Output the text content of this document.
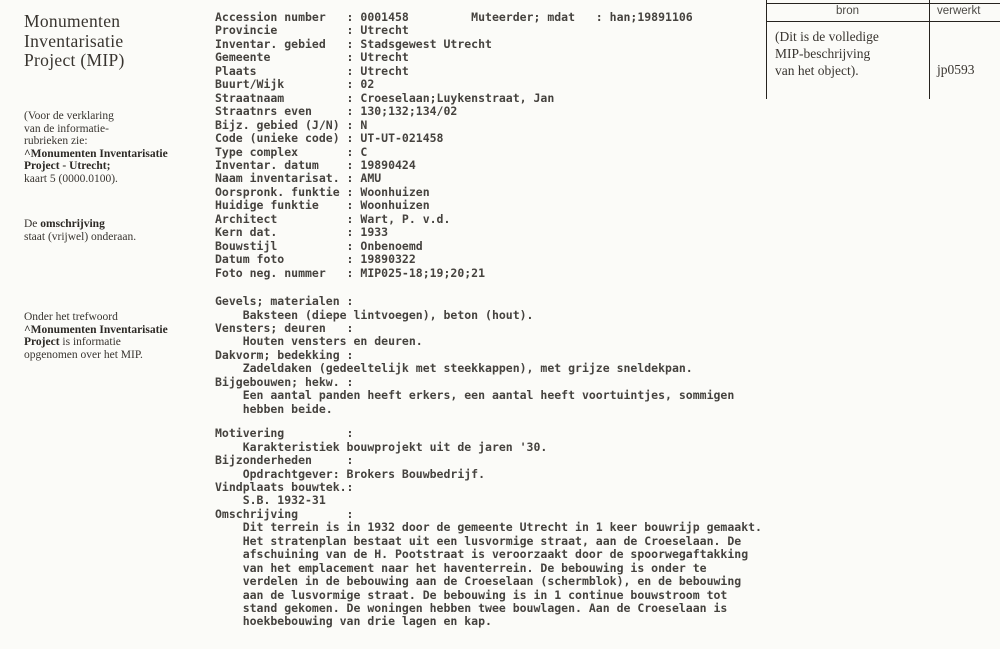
Monumenten
Inventarisatie
Project (MIP)
(Voor de verklaring
van de informatie-
rubrieken zie:
^Monumenten Inventarisatie
Project - Utrecht;
kaart 5 (0000.0100).
De omschrijving
staat (vrijwel) onderaan.
Onder het trefwoord
^Monumenten Inventarisatie
Project is informatie
opgenomen over het MIP.
Accession number   : 0001458         Muteerder; mdat   : han;19891106
Provincie          : Utrecht
Inventar. gebied   : Stadsgewest Utrecht
Gemeente           : Utrecht
Plaats             : Utrecht
Buurt/Wijk         : 02
Straatnaam         : Croeselaan;Luykenstraat, Jan
Straatnrs even     : 130;132;134/02
Bijz. gebied (J/N) : N
Code (unieke code) : UT-UT-021458
Type complex       : C
Inventar. datum    : 19890424
Naam inventarisat. : AMU
Oorspronk. funktie : Woonhuizen
Huidige funktie    : Woonhuizen
Architect          : Wart, P. v.d.
Kern dat.          : 1933
Bouwstijl          : Onbenoemd
Datum foto         : 19890322
Foto neg. nummer   : MIP025-18;19;20;21
Gevels; materialen :
Baksteen (diepe lintvoegen), beton (hout).
Vensters; deuren   :
Houten vensters en deuren.
Dakvorm; bedekking :
Zadeldaken (gedeeltelijk met steekkappen), met grijze sneldekpan.
Bijgebouwen; hekw. :
Een aantal panden heeft erkers, een aantal heeft voortuintjes, sommigen
hebben beide.
Motivering         :
Karakteristiek bouwprojekt uit de jaren '30.
Bijzonderheden     :
Opdrachtgever: Brokers Bouwbedrijf.
Vindplaats bouwtek.:
S.B. 1932-31
Omschrijving       :
Dit terrein is in 1932 door de gemeente Utrecht in 1 keer bouwrijp gemaakt.
Het stratenplan bestaat uit een lusvormige straat, aan de Croeselaan. De
afschuining van de H. Pootstraat is veroorzaakt door de spoorwegaftakking
van het emplacement naar het haventerrein. De bebouwing is onder te
verdelen in de bebouwing aan de Croeselaan (schermblok), en de bebouwing
aan de lusvormige straat. De bebouwing is in 1 continue bouwstroom tot
stand gekomen. De woningen hebben twee bouwlagen. Aan de Croeselaan is
hoekbebouwing van drie lagen en kap.
bron	verwerkt
(Dit is de volledige
MIP-beschrijving
van het object).	jp0593
